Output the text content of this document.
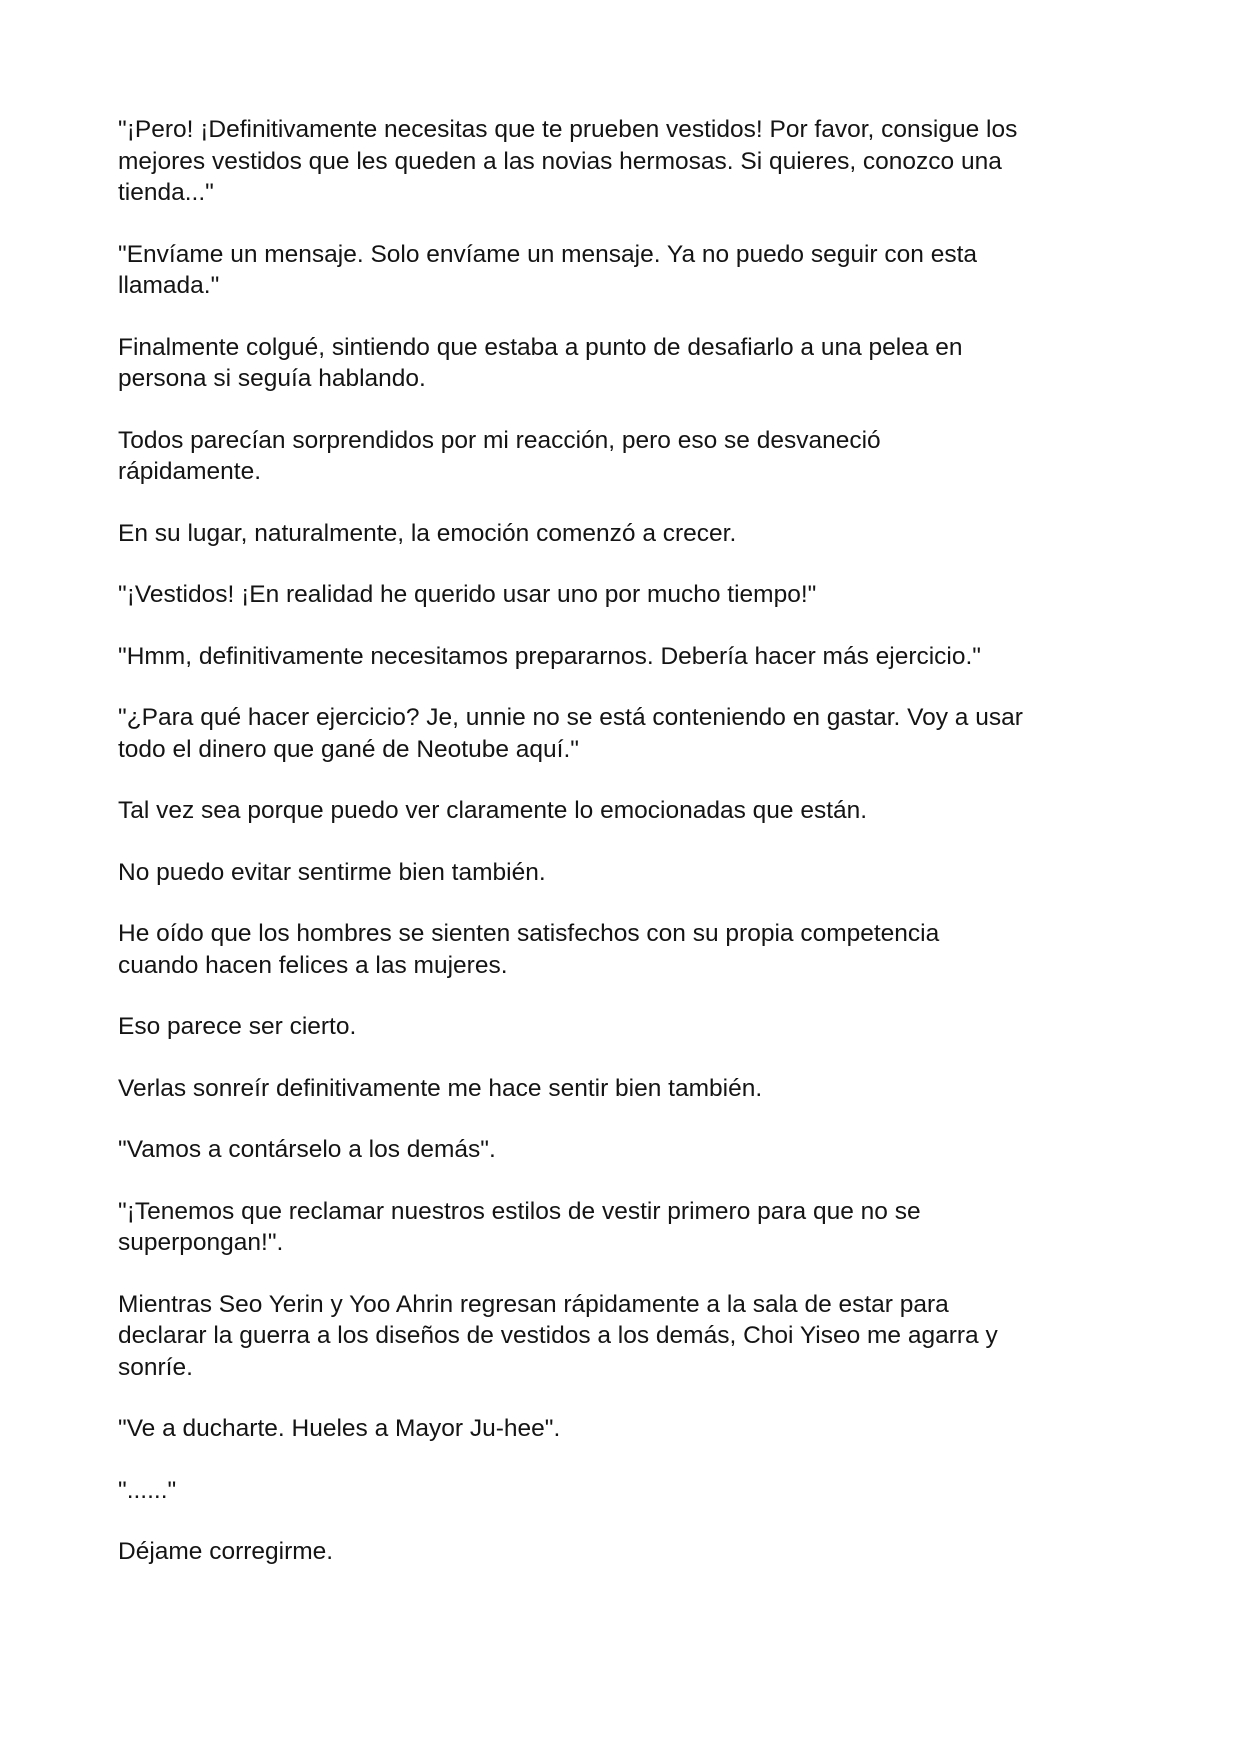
"¡Pero! ¡Definitivamente necesitas que te prueben vestidos! Por favor, consigue los
mejores vestidos que les queden a las novias hermosas. Si quieres, conozco una
tienda..."

"Envíame un mensaje. Solo envíame un mensaje. Ya no puedo seguir con esta
llamada."

Finalmente colgué, sintiendo que estaba a punto de desafiarlo a una pelea en
persona si seguía hablando.

Todos parecían sorprendidos por mi reacción, pero eso se desvaneció
rápidamente.

En su lugar, naturalmente, la emoción comenzó a crecer.

"¡Vestidos! ¡En realidad he querido usar uno por mucho tiempo!"

"Hmm, definitivamente necesitamos prepararnos. Debería hacer más ejercicio."

"¿Para qué hacer ejercicio? Je, unnie no se está conteniendo en gastar. Voy a usar
todo el dinero que gané de Neotube aquí."

Tal vez sea porque puedo ver claramente lo emocionadas que están.

No puedo evitar sentirme bien también.

He oído que los hombres se sienten satisfechos con su propia competencia
cuando hacen felices a las mujeres.

Eso parece ser cierto.

Verlas sonreír definitivamente me hace sentir bien también.

"Vamos a contárselo a los demás".

"¡Tenemos que reclamar nuestros estilos de vestir primero para que no se
superpongan!".

Mientras Seo Yerin y Yoo Ahrin regresan rápidamente a la sala de estar para
declarar la guerra a los diseños de vestidos a los demás, Choi Yiseo me agarra y
sonríe.

"Ve a ducharte. Hueles a Mayor Ju-hee".

"......"

Déjame corregirme.
